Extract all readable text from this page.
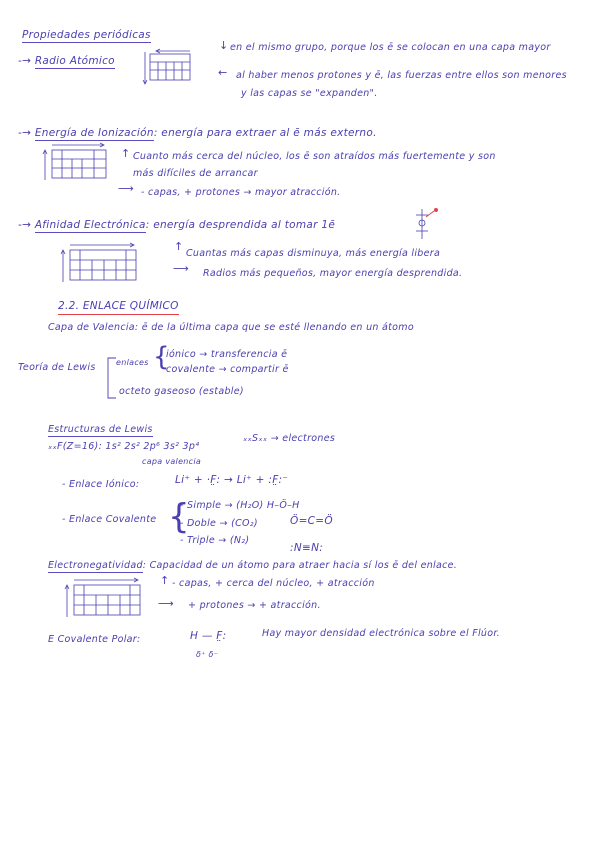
Propiedades periódicas
-→ Radio Atómico
↓ en el mismo grupo, porque los ē se colocan en una capa mayor
← al haber menos protones y ē, las fuerzas entre ellos son menores
y las capas se "expanden".
-→ Energía de Ionización: energía para extraer al ē más externo.
↑ Cuanto más cerca del núcleo, los ē son atraídos más fuertemente y son
más difíciles de arrancar
⟶ - capas, + protones → mayor atracción.
-→ Afinidad Electrónica: energía desprendida al tomar 1ē
↑
Cuantas más capas disminuya, más energía libera
⟶ Radios más pequeños, mayor energía desprendida.
2.2. ENLACE QUÍMICO
Capa de Valencia: ē de la última capa que se esté llenando en un átomo
Teoría de Lewis	enlaces {
iónico → transferencia ē
covalente → compartir ē
octeto gaseoso (estable)
Estructuras de Lewis
ₓₓF(Z=16): 1s² 2s² 2p⁶ 3s² 3p⁴
capa valencia
ₓₓSₓₓ → electrones
- Enlace Iónico:	Li⁺ + ·F̤: → Li⁺ + :F̤:⁻
- Enlace Covalente {
- Simple → (H₂O) H–Ö–H
- Doble → (CO₂)	Ö=C=Ö
- Triple → (N₂)
:N≡N:
Electronegatividad: Capacidad de un átomo para atraer hacia sí los ē del enlace.
↑ - capas, + cerca del núcleo, + atracción
⟶ + protones → + atracción.
E Covalente Polar:	H — F̤:
δ⁺ δ⁻
Hay mayor densidad electrónica sobre el Flúor.
